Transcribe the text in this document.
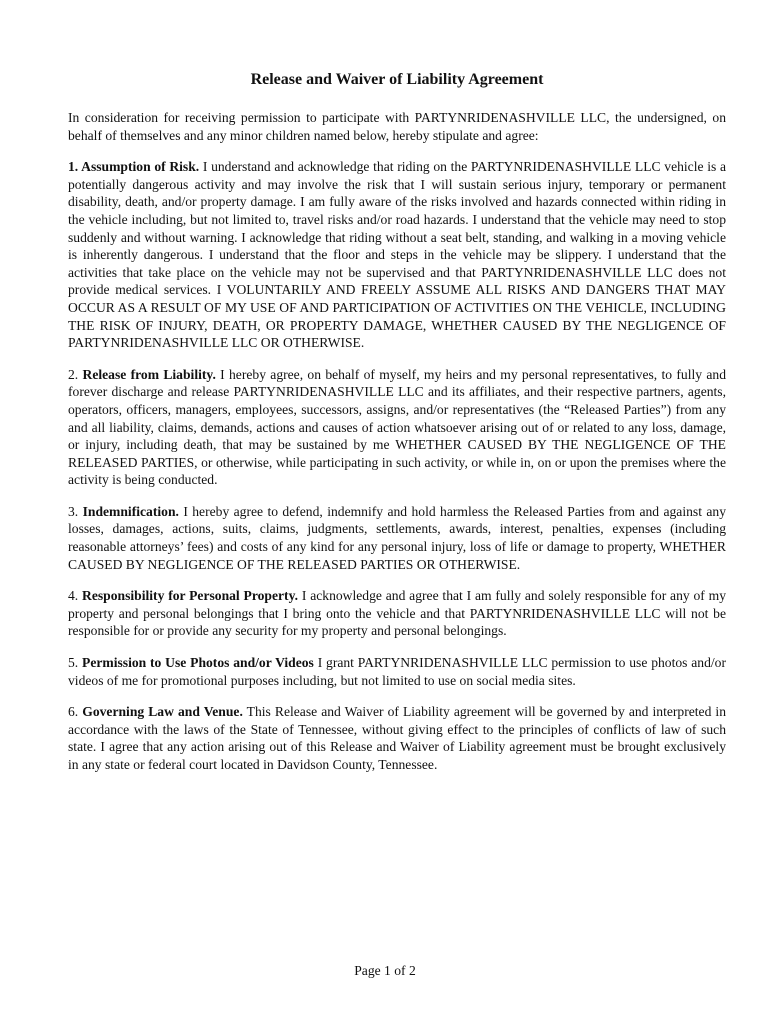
Release and Waiver of Liability Agreement

In consideration for receiving permission to participate with PARTYNRIDENASHVILLE LLC, the undersigned, on behalf of themselves and any minor children named below, hereby stipulate and agree:

1. Assumption of Risk. I understand and acknowledge that riding on the PARTYNRIDENASHVILLE LLC vehicle is a potentially dangerous activity and may involve the risk that I will sustain serious injury, temporary or permanent disability, death, and/or property damage. I am fully aware of the risks involved and hazards connected within riding in the vehicle including, but not limited to, travel risks and/or road hazards. I understand that the vehicle may need to stop suddenly and without warning. I acknowledge that riding without a seat belt, standing, and walking in a moving vehicle is inherently dangerous. I understand that the floor and steps in the vehicle may be slippery. I understand that the activities that take place on the vehicle may not be supervised and that PARTYNRIDENASHVILLE LLC does not provide medical services. I VOLUNTARILY AND FREELY ASSUME ALL RISKS AND DANGERS THAT MAY OCCUR AS A RESULT OF MY USE OF AND PARTICIPATION OF ACTIVITIES ON THE VEHICLE, INCLUDING THE RISK OF INJURY, DEATH, OR PROPERTY DAMAGE, WHETHER CAUSED BY THE NEGLIGENCE OF PARTYNRIDENASHVILLE LLC OR OTHERWISE.

2. Release from Liability. I hereby agree, on behalf of myself, my heirs and my personal representatives, to fully and forever discharge and release PARTYNRIDENASHVILLE LLC and its affiliates, and their respective partners, agents, operators, officers, managers, employees, successors, assigns, and/or representatives (the “Released Parties”) from any and all liability, claims, demands, actions and causes of action whatsoever arising out of or related to any loss, damage, or injury, including death, that may be sustained by me WHETHER CAUSED BY THE NEGLIGENCE OF THE RELEASED PARTIES, or otherwise, while participating in such activity, or while in, on or upon the premises where the activity is being conducted.

3. Indemnification. I hereby agree to defend, indemnify and hold harmless the Released Parties from and against any losses, damages, actions, suits, claims, judgments, settlements, awards, interest, penalties, expenses (including reasonable attorneys’ fees) and costs of any kind for any personal injury, loss of life or damage to property, WHETHER CAUSED BY NEGLIGENCE OF THE RELEASED PARTIES OR OTHERWISE.

4. Responsibility for Personal Property. I acknowledge and agree that I am fully and solely responsible for any of my property and personal belongings that I bring onto the vehicle and that PARTYNRIDENASHVILLE LLC will not be responsible for or provide any security for my property and personal belongings.

5. Permission to Use Photos and/or Videos I grant PARTYNRIDENASHVILLE LLC permission to use photos and/or videos of me for promotional purposes including, but not limited to use on social media sites.

6. Governing Law and Venue. This Release and Waiver of Liability agreement will be governed by and interpreted in accordance with the laws of the State of Tennessee, without giving effect to the principles of conflicts of law of such state. I agree that any action arising out of this Release and Waiver of Liability agreement must be brought exclusively in any state or federal court located in Davidson County, Tennessee.

Page 1 of 2
